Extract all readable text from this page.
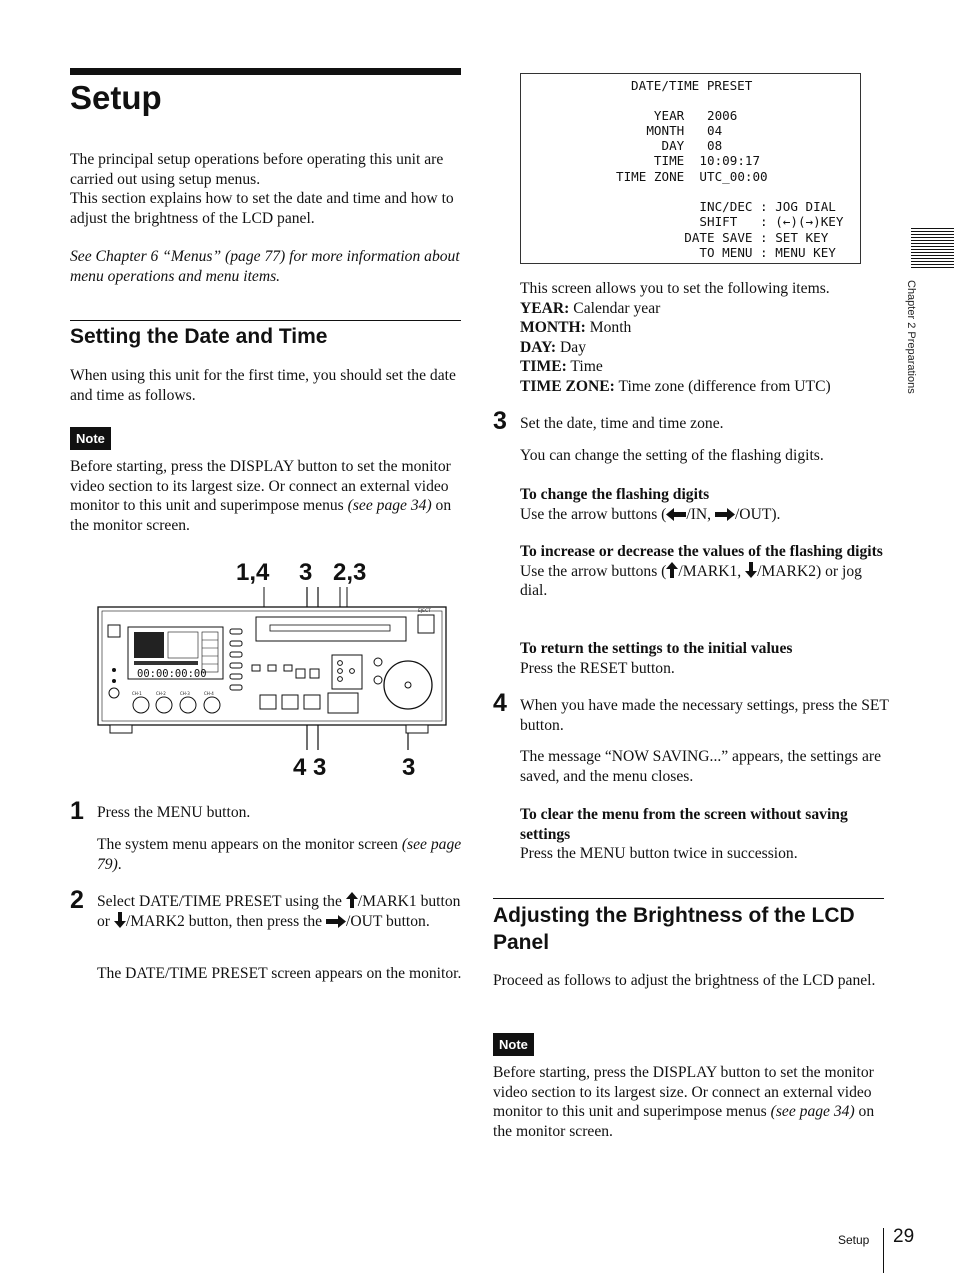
Setup

The principal setup operations before operating this unit are carried out using setup menus.

This section explains how to set the date and time and how to adjust the brightness of the LCD panel.

See Chapter 6 “Menus” (page 77) for more information about menu operations and menu items.

Setting the Date and Time
When using this unit for the first time, you should set the date and time as follows.
Note
Before starting, press the DISPLAY button to set the monitor video section to its largest size. Or connect an external video monitor to this unit and superimpose menus (see page 34) on the monitor screen.
1,4 3 2,3
4 3	3
00:00:00:00
CH-1	CH-2	CH-3	CH-4
EJECT
1 Press the MENU button.
The system menu appears on the monitor screen (see page 79).
2 Select DATE/TIME PRESET using the /MARK1 button or /MARK2 button, then press the /OUT button.
The DATE/TIME PRESET screen appears on the monitor.
DATE/TIME PRESET
YEAR   2006
MONTH   04
DAY   08
TIME  10:09:17
TIME ZONE  UTC_00:00
INC/DEC : JOG DIAL
SHIFT   : (←)(→)KEY
DATE SAVE : SET KEY
TO MENU : MENU KEY

This screen allows you to set the following items.

YEAR: Calendar year

MONTH: Month

DAY: Day

TIME: Time

TIME ZONE: Time zone (difference from UTC)

3 Set the date, time and time zone.
You can change the setting of the flashing digits.

To change the flashing digits

Use the arrow buttons ( /IN, /OUT).

To increase or decrease the values of the flashing digits

Use the arrow buttons ( /MARK1, /MARK2) or jog dial.

To return the settings to the initial values

Press the RESET button.

4 When you have made the necessary settings, press the SET button.
The message “NOW SAVING...” appears, the settings are saved, and the menu closes.

To clear the menu from the screen without saving settings

Press the MENU button twice in succession.

Adjusting the Brightness of the LCD
Panel
Proceed as follows to adjust the brightness of the LCD panel.
Note
Before starting, press the DISPLAY button to set the monitor video section to its largest size. Or connect an external video monitor to this unit and superimpose menus (see page 34) on the monitor screen.
Chapter 2 Preparations
Setup 29
